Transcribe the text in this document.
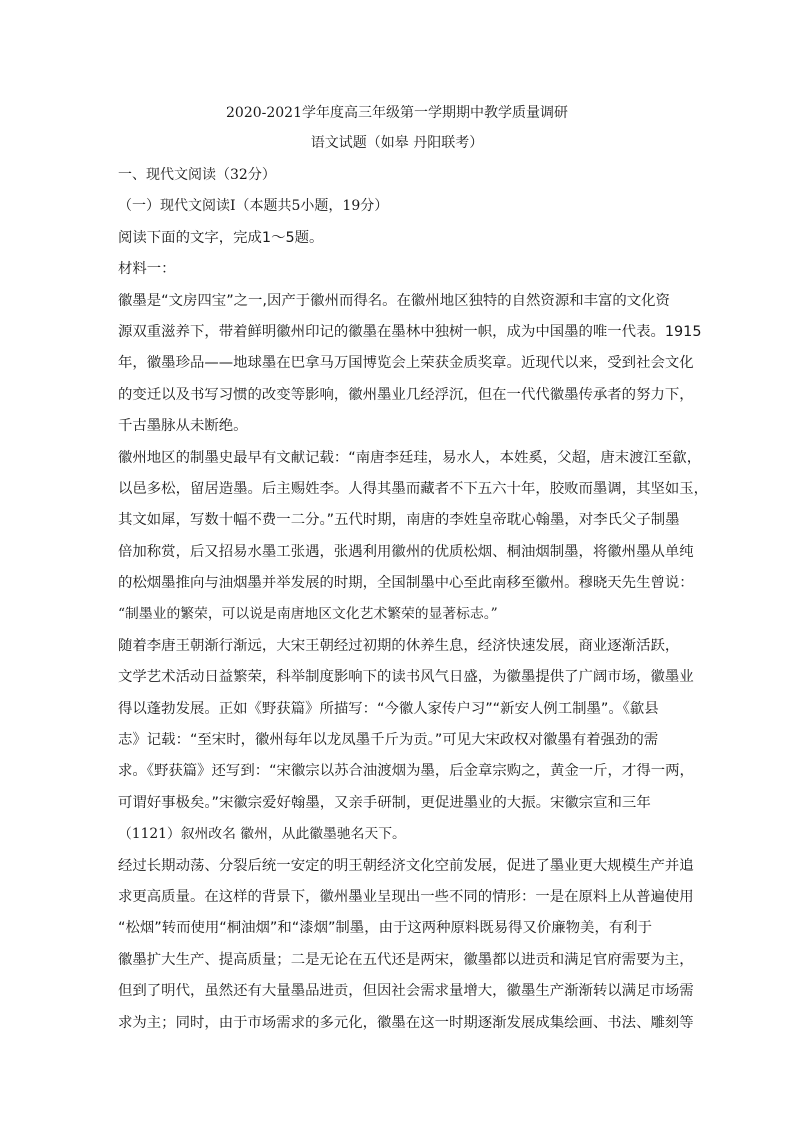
2020-2021学年度高三年级第一学期期中教学质量调研
语文试题（如皋 丹阳联考）
一、现代文阅读（32分）
（一）现代文阅读Ⅰ（本题共5小题，19分）
阅读下面的文字，完成1～5题。
材料一：
徽墨是“文房四宝”之一,因产于徽州而得名。在徽州地区独特的自然资源和丰富的文化资
源双重滋养下，带着鲜明徽州印记的徽墨在墨林中独树一帜，成为中国墨的唯一代表。1915
年，徽墨珍品——地球墨在巴拿马万国博览会上荣获金质奖章。近现代以来，受到社会文化
的变迁以及书写习惯的改变等影响，徽州墨业几经浮沉，但在一代代徽墨传承者的努力下，
千古墨脉从未断绝。
徽州地区的制墨史最早有文献记载：“南唐李廷珪，易水人，本姓奚，父超，唐末渡江至歙，
以邑多松，留居造墨。后主赐姓李。人得其墨而藏者不下五六十年，胶败而墨调，其坚如玉，
其文如犀，写数十幅不费一二分。”五代时期，南唐的李姓皇帝耽心翰墨，对李氏父子制墨
倍加称赏，后又招易水墨工张遇，张遇利用徽州的优质松烟、桐油烟制墨，将徽州墨从单纯
的松烟墨推向与油烟墨并举发展的时期，全国制墨中心至此南移至徽州。穆晓天先生曾说：
“制墨业的繁荣，可以说是南唐地区文化艺术繁荣的显著标志。”
随着李唐王朝渐行渐远，大宋王朝经过初期的休养生息，经济快速发展，商业逐渐活跃，
文学艺术活动日益繁荣，科举制度影响下的读书风气日盛，为徽墨提供了广阔市场，徽墨业
得以蓬勃发展。正如《野获篇》所描写：“今徽人家传户习”“新安人例工制墨”。《歙县
志》记载：“至宋时，徽州每年以龙凤墨千斤为贡。”可见大宋政权对徽墨有着强劲的需
求。《野获篇》还写到：“宋徽宗以苏合油渡烟为墨，后金章宗购之，黄金一斤，才得一两，
可谓好事极矣。”宋徽宗爱好翰墨，又亲手研制，更促进墨业的大振。宋徽宗宣和三年
（1121）叙州改名 徽州，从此徽墨驰名天下。
经过长期动荡、分裂后统一安定的明王朝经济文化空前发展，促进了墨业更大规模生产并追
求更高质量。在这样的背景下，徽州墨业呈现出一些不同的情形：一是在原料上从普遍使用
“松烟”转而使用“桐油烟”和“漆烟”制墨，由于这两种原料既易得又价廉物美，有利于
徽墨扩大生产、提高质量；二是无论在五代还是两宋，徽墨都以进贡和满足官府需要为主，
但到了明代，虽然还有大量墨品进贡，但因社会需求量增大，徽墨生产渐渐转以满足市场需
求为主；同时，由于市场需求的多元化，徽墨在这一时期逐渐发展成集绘画、书法、雕刻等
